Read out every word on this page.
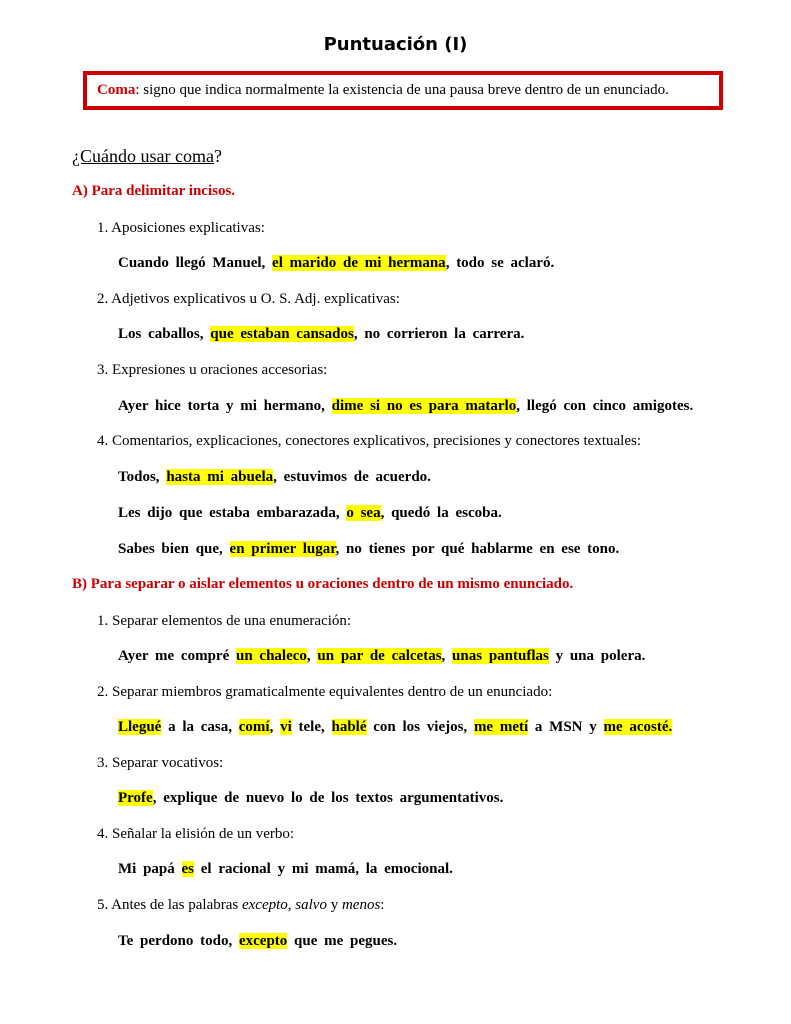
Puntuación (I)
Coma: signo que indica normalmente la existencia de una pausa breve dentro de un enunciado.
¿Cuándo usar coma?
A) Para delimitar incisos.
1. Aposiciones explicativas:
Cuando llegó Manuel, el marido de mi hermana, todo se aclaró.
2. Adjetivos explicativos u O. S. Adj. explicativas:
Los caballos, que estaban cansados, no corrieron la carrera.
3. Expresiones u oraciones accesorias:
Ayer hice torta y mi hermano, dime si no es para matarlo, llegó con cinco amigotes.
4. Comentarios, explicaciones, conectores explicativos, precisiones y conectores textuales:
Todos, hasta mi abuela, estuvimos de acuerdo.
Les dijo que estaba embarazada, o sea, quedó la escoba.
Sabes bien que, en primer lugar, no tienes por qué hablarme en ese tono.
B) Para separar o aislar elementos u oraciones dentro de un mismo enunciado.
1. Separar elementos de una enumeración:
Ayer me compré un chaleco, un par de calcetas, unas pantuflas y una polera.
2. Separar miembros gramaticalmente equivalentes dentro de un enunciado:
Llegué a la casa, comí, vi tele, hablé con los viejos, me metí a MSN y me acosté.
3. Separar vocativos:
Profe, explique de nuevo lo de los textos argumentativos.
4. Señalar la elisión de un verbo:
Mi papá es el racional y mi mamá, la emocional.
5. Antes de las palabras excepto, salvo y menos:
Te perdono todo, excepto que me pegues.
